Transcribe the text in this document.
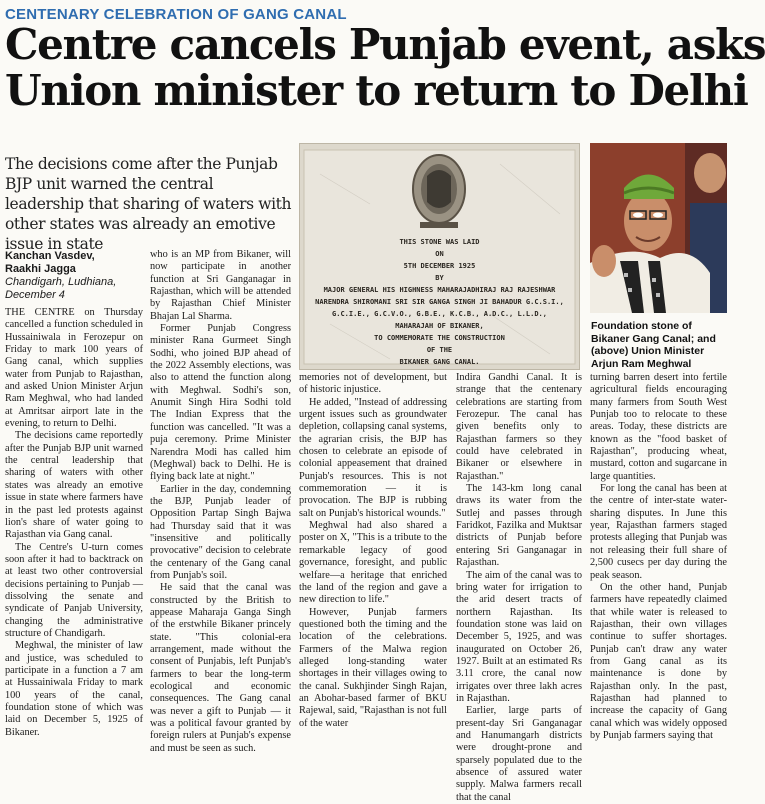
CENTENARY CELEBRATION OF GANG CANAL
Centre cancels Punjab event, asks
Union minister to return to Delhi
The decisions come after the Punjab BJP unit warned the central leadership that sharing of waters with other states was already an emotive issue in state
Kanchan Vasdev,
Raakhi Jagga
Chandigarh, Ludhiana, December 4

THE CENTRE on Thursday cancelled a function scheduled in Hussainiwala in Ferozepur on Friday to mark 100 years of Gang canal, which supplies water from Punjab to Rajasthan, and asked Union Minister Arjun Ram Meghwal, who had landed at Amritsar airport late in the evening, to return to Delhi.

The decisions came reportedly after the Punjab BJP unit warned the central leadership that sharing of waters with other states was already an emotive issue in state where farmers have in the past led protests against lion's share of water going to Rajasthan via Gang canal.

The Centre's U-turn comes soon after it had to backtrack on at least two other controversial decisions pertaining to Punjab — dissolving the senate and syndicate of Panjab University, changing the administrative structure of Chandigarh.

Meghwal, the minister of law and justice, was scheduled to participate in a function a 7 am at Hussainiwala Friday to mark 100 years of the canal, foundation stone of which was laid on December 5, 1925 of Bikaner.

who is an MP from Bikaner, will now participate in another function at Sri Ganganagar in Rajasthan, which will be attended by Rajasthan Chief Minister Bhajan Lal Sharma.

Former Punjab Congress minister Rana Gurmeet Singh Sodhi, who joined BJP ahead of the 2022 Assembly elections, was also to attend the function along with Meghwal. Sodhi's son, Anumit Singh Hira Sodhi told The Indian Express that the function was cancelled. "It was a puja ceremony. Prime Minister Narendra Modi has called him (Meghwal) back to Delhi. He is flying back late at night."

Earlier in the day, condemning the BJP, Punjab leader of Opposition Partap Singh Bajwa had Thursday said that it was "insensitive and politically provocative" decision to celebrate the centenary of the Gang canal from Punjab's soil.

He said that the canal was constructed by the British to appease Maharaja Ganga Singh of the erstwhile Bikaner princely state. "This colonial-era arrangement, made without the consent of Punjabis, left Punjab's farmers to bear the long-term ecological and economic consequences. The Gang canal was never a gift to Punjab — it was a political favour granted by foreign rulers at Punjab's expense and must be seen as such.

THIS STONE WAS LAID
ON
5TH DECEMBER 1925
BY
MAJOR GENERAL HIS HIGHNESS MAHARAJADHIRAJ RAJ RAJESHWAR
NARENDRA SHIROMANI SRI SIR GANGA SINGH JI BAHADUR G.C.S.I.,
G.C.I.E., G.C.V.O., G.B.E., K.C.B., A.D.C., L.L.D.,
MAHARAJAH OF BIKANER,
TO COMMEMORATE THE CONSTRUCTION
OF THE
BIKANER GANG CANAL.
Foundation stone of Bikaner Gang Canal; and (above) Union Minister Arjun Ram Meghwal

memories not of development, but of historic injustice.

He added, "Instead of addressing urgent issues such as groundwater depletion, collapsing canal systems, the agrarian crisis, the BJP has chosen to celebrate an episode of colonial appeasement that drained Punjab's resources. This is not commemoration — it is provocation. The BJP is rubbing salt on Punjab's historical wounds."

Meghwal had also shared a poster on X, "This is a tribute to the remarkable legacy of good governance, foresight, and public welfare—a heritage that enriched the land of the region and gave a new direction to life."

However, Punjab farmers questioned both the timing and the location of the celebrations. Farmers of the Malwa region alleged long-standing water shortages in their villages owing to the canal. Sukhjinder Singh Rajan, an Abohar-based farmer of BKU Rajewal, said, "Rajasthan is not full of the water

Indira Gandhi Canal. It is strange that the centenary celebrations are starting from Ferozepur. The canal has given benefits only to Rajasthan farmers so they could have celebrated in Bikaner or elsewhere in Rajasthan."

The 143-km long canal draws its water from the Sutlej and passes through Faridkot, Fazilka and Muktsar districts of Punjab before entering Sri Ganganagar in Rajasthan.

The aim of the canal was to bring water for irrigation to the arid desert tracts of northern Rajasthan. Its foundation stone was laid on December 5, 1925, and was inaugurated on October 26, 1927. Built at an estimated Rs 3.11 crore, the canal now irrigates over three lakh acres in Rajasthan.

Earlier, large parts of present-day Sri Ganganagar and Hanumangarh districts were drought-prone and sparsely populated due to the absence of assured water supply. Malwa farmers recall that the canal

turning barren desert into fertile agricultural fields encouraging many farmers from South West Punjab too to relocate to these areas. Today, these districts are known as the "food basket of Rajasthan", producing wheat, mustard, cotton and sugarcane in large quantities.

For long the canal has been at the centre of inter-state water-sharing disputes. In June this year, Rajasthan farmers staged protests alleging that Punjab was not releasing their full share of 2,500 cusecs per day during the peak season.

On the other hand, Punjab farmers have repeatedly claimed that while water is released to Rajasthan, their own villages continue to suffer shortages. Punjab can't draw any water from Gang canal as its maintenance is done by Rajasthan only. In the past, Rajasthan had planned to increase the capacity of Gang canal which was widely opposed by Punjab farmers saying that
